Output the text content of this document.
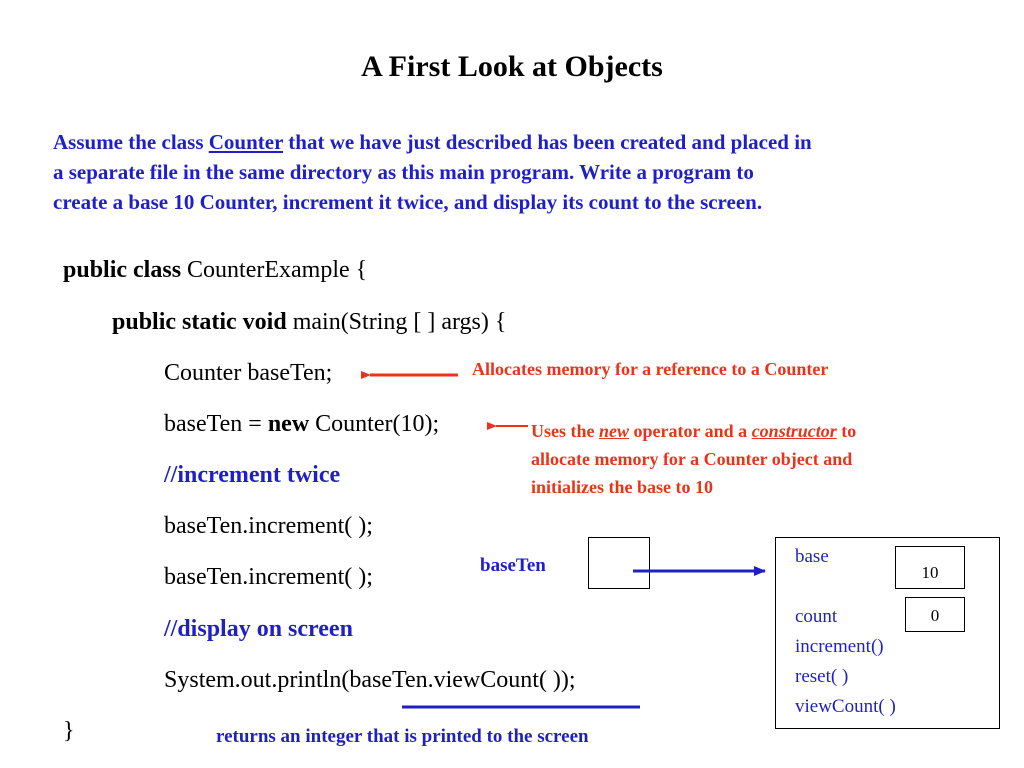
A First Look at Objects
Assume the class Counter that we have just described has been created and placed in
a separate file in the same directory as this main program. Write a program to
create a base 10 Counter, increment it twice, and display its count to the screen.
public class CounterExample {
public static void main(String [ ] args) {
Counter baseTen;
baseTen = new Counter(10);
//increment twice
baseTen.increment( );
baseTen.increment( );
//display on screen
System.out.println(baseTen.viewCount( ));
}
Allocates memory for a reference to a Counter
Uses the new operator and a constructor to
allocate memory for a Counter object and
initializes the base to 10
returns an integer that is printed to the screen
baseTen	base
10
count	0
increment()
reset( )
viewCount( )
